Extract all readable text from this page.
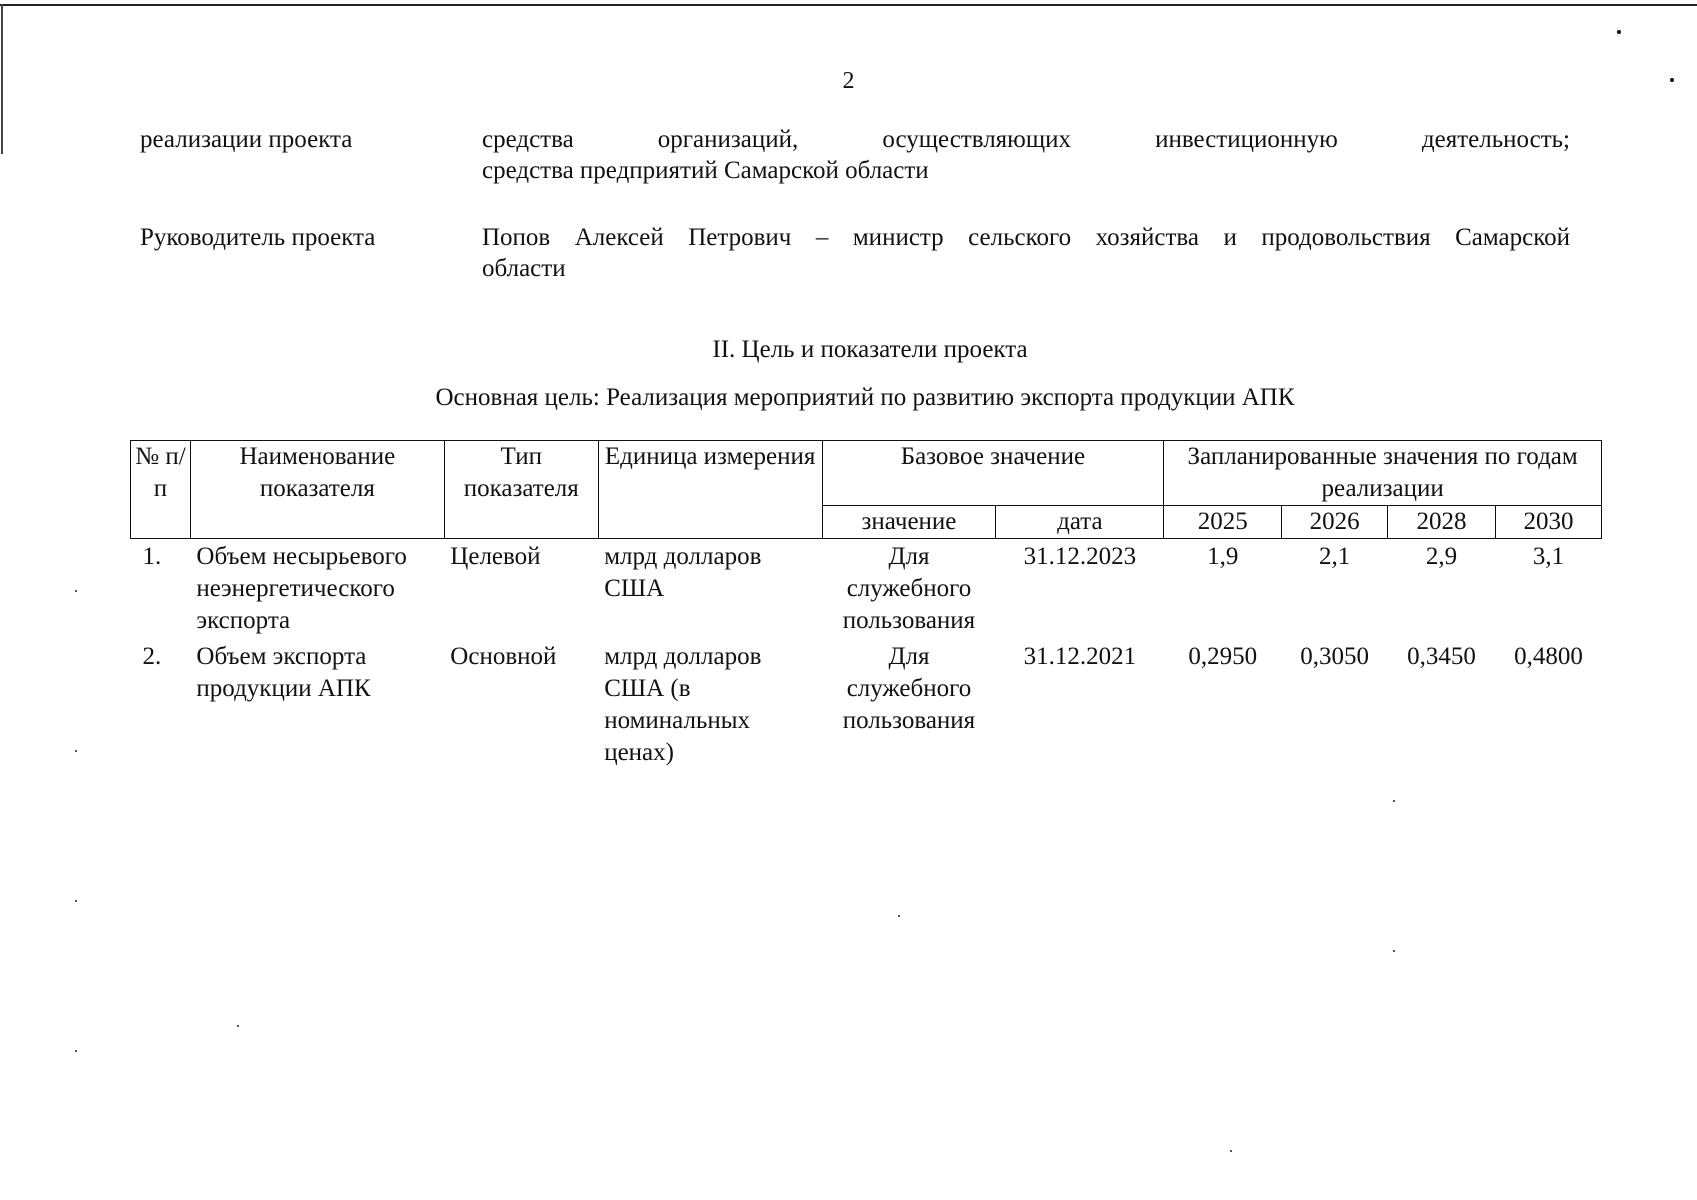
2
реализации проекта	средства организаций, осуществляющих инвестиционную деятельность;
средства предприятий Самарской области
Руководитель проекта	Попов Алексей Петрович – министр сельского хозяйства и продовольствия Самарской
области
II. Цель и показатели проекта
Основная цель: Реализация мероприятий по развитию экспорта продукции АПК
№ п/п	Наименование показателя	Тип показателя	Единица измерения	Базовое значение		Запланированные значения по годам реализации			
				значение	дата	2025	2026	2028	2030
1.	Объем несырьевого неэнергетического экспорта	Целевой	млрд долларов США	Для служебного пользования	31.12.2023	1,9	2,1	2,9	3,1
2.	Объем экспорта продукции АПК	Основной	млрд долларов США (в номинальных ценах)	Для служебного пользования	31.12.2021	0,2950	0,3050	0,3450	0,4800
